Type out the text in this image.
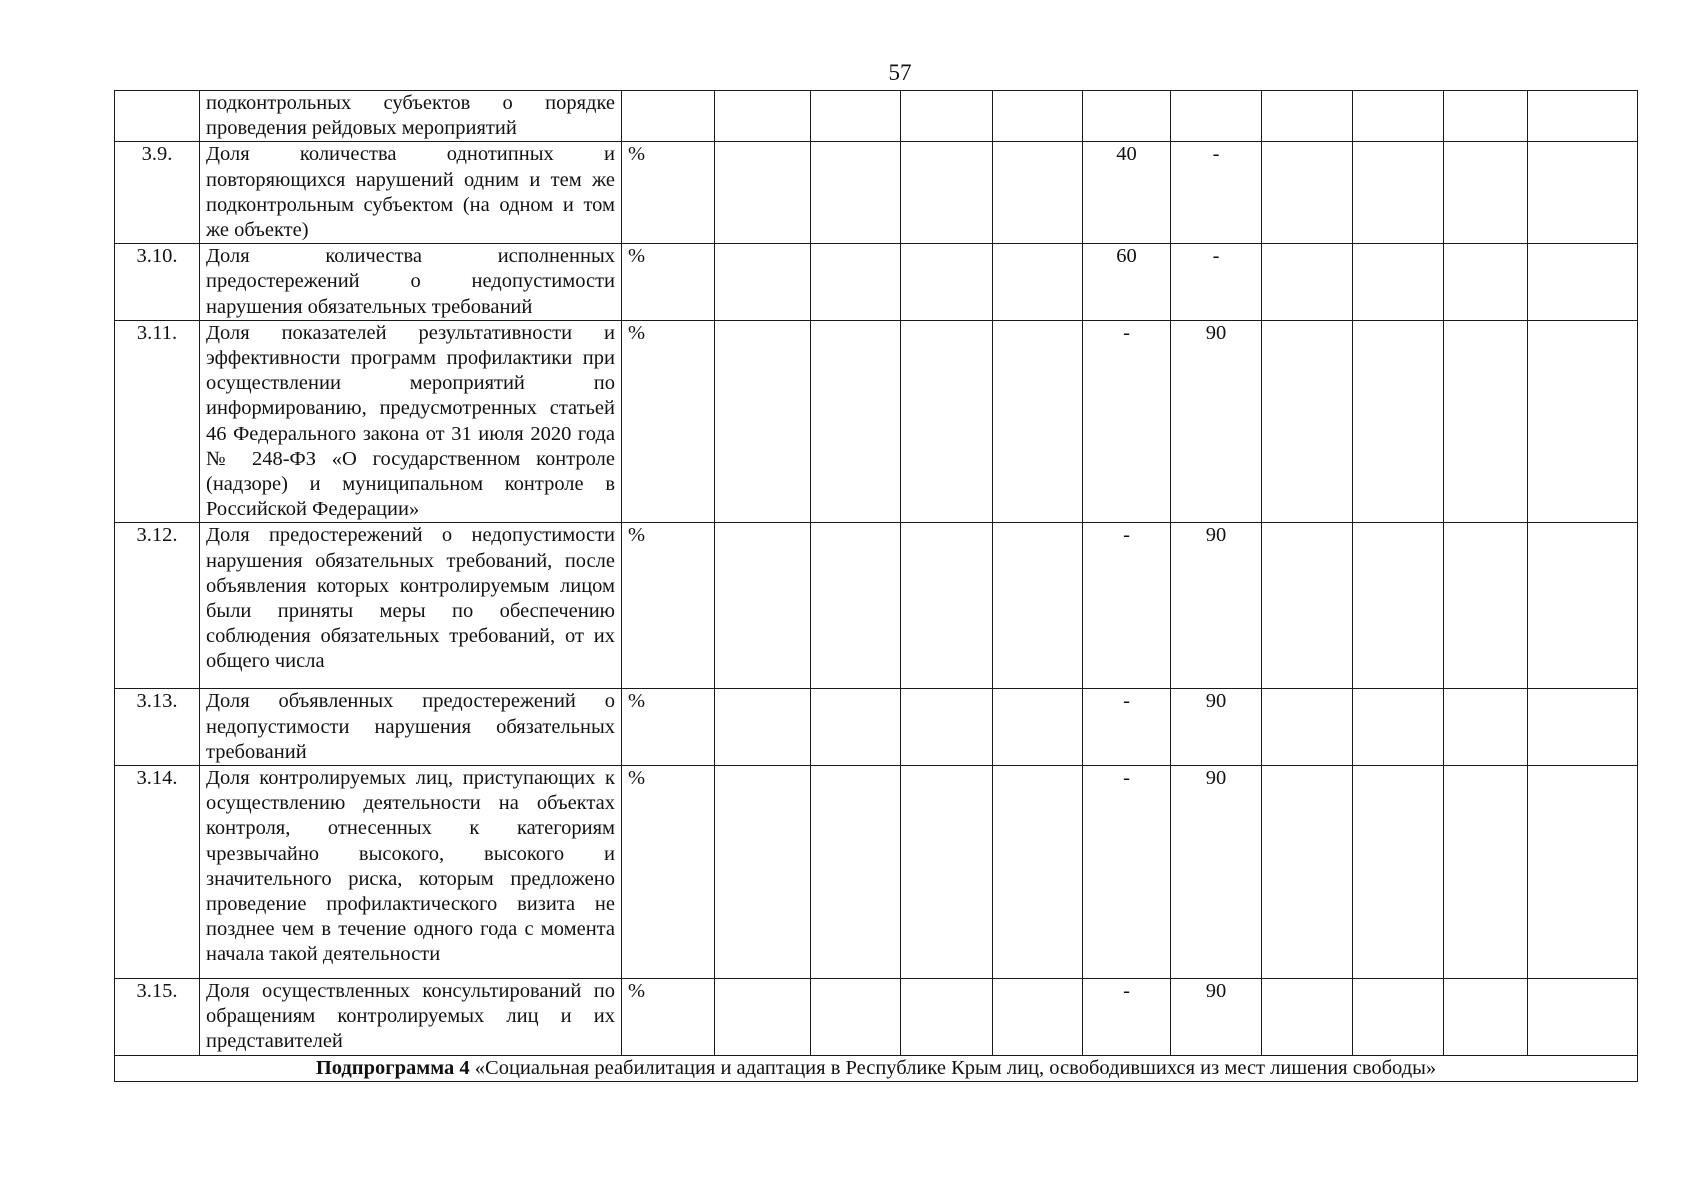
57
	подконтрольных субъектов о порядке проведения рейдовых мероприятий											
3.9.	Доля количества однотипных и повторяющихся нарушений одним и тем же подконтрольным субъектом (на одном и том же объекте)	%					40	-				
3.10.	Доля количества исполненных предостережений о недопустимости нарушения обязательных требований	%					60	-				
3.11.	Доля показателей результативности и эффективности программ профилактики при осуществлении мероприятий по информированию, предусмотренных статьей 46 Федерального закона от 31 июля 2020 года № 248-ФЗ «О государственном контроле (надзоре) и муниципальном контроле в Российской Федерации»	%					-	90				
3.12.	Доля предостережений о недопустимости нарушения обязательных требований, после объявления которых контролируемым лицом были приняты меры по обеспечению соблюдения обязательных требований, от их общего числа	%					-	90				
3.13.	Доля объявленных предостережений о недопустимости нарушения обязательных требований	%					-	90				
3.14.	Доля контролируемых лиц, приступающих к осуществлению деятельности на объектах контроля, отнесенных к категориям чрезвычайно высокого, высокого и значительного риска, которым предложено проведение профилактического визита не позднее чем в течение одного года с момента начала такой деятельности	%					-	90				
3.15.	Доля осуществленных консультирований по обращениям контролируемых лиц и их представителей	%					-	90				
Подпрограмма 4 «Социальная реабилитация и адаптация в Республике Крым лиц, освободившихся из мест лишения свободы»												
